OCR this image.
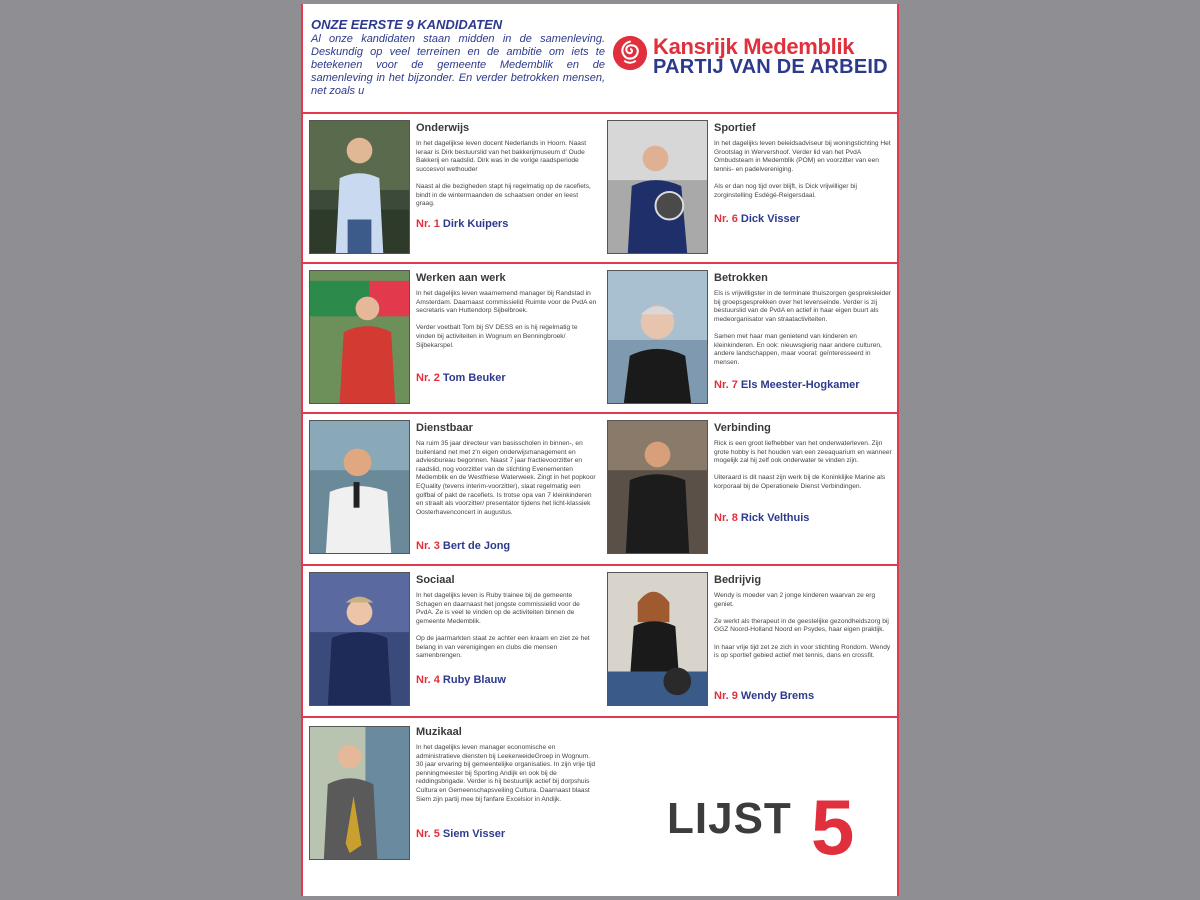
ONZE EERSTE 9 KANDIDATEN

Al onze kandidaten staan midden in de samenleving. Deskundig op veel terreinen en de ambitie om iets te betekenen voor de gemeente Medemblik en de samenleving in het bijzonder. En verder betrokken mensen, net zoals u

Kansrijk Medemblik
PARTIJ VAN DE ARBEID

Onderwijs

In het dagelijkse leven docent Nederlands in Hoorn. Naast leraar is Dirk bestuurslid van het bakkerijmuseum d' Oude Bakkerij en raadslid. Dirk was in de vorige raadsperiode succesvol wethouder

Naast al die bezigheden stapt hij regelmatig op de racefiets, bindt in de wintermaanden de schaatsen onder en leest graag.

Nr. 1 Dirk Kuipers

Sportief

In het dagelijks leven beleidsadviseur bij woningstichting Het Grootslag in Wervershoof. Verder lid van het PvdA Ombudsteam in Medemblik (POM) en voorzitter van een tennis- en padelvereniging.

Als er dan nog tijd over blijft, is Dick vrijwilliger bij zorginstelling Esdégé-Reigersdaal.

Nr. 6 Dick Visser

Werken aan werk

In het dagelijks leven waarnemend manager bij Randstad in Amsterdam. Daarnaast commissielid Ruimte voor de PvdA en secretaris van Huttendorp Sijbelbroek.

Verder voetbalt Tom bij SV DESS en is hij regelmatig te vinden bij activiteiten in Wognum en Benningbroek/ Sijbekarspel.

Nr. 2 Tom Beuker

Betrokken

Els is vrijwilligster in de terminale thuiszorgen gespreksleider bij groepsgesprekken over het levenseinde. Verder is zij bestuurslid van de PvdA en actief in haar eigen buurt als medeorganisator van straatactiviteiten.

Samen met haar man genietend van kinderen en kleinkinderen. En ook: nieuwsgierig naar andere culturen, andere landschappen, maar vooral: geïnteresseerd in mensen.

Nr. 7 Els Meester-Hogkamer

Dienstbaar

Na ruim 35 jaar directeur van basisscholen in binnen-, en buitenland net met z'n eigen onderwijsmanagement en adviesbureau begonnen. Naast 7 jaar fractievoorzitter en raadslid, nog voorzitter van de stichting Evenementen Medemblik en de Westfriese Waterweek. Zingt in het popkoor EQuality (tevens interim-voorzitter), slaat regelmatig een golfbal of pakt de racefiets. Is trotse opa van 7 kleinkinderen en straalt als voorzitter/ presentator tijdens het licht-klassiek Oosterhavenconcert in augustus.

Nr. 3 Bert de Jong

Verbinding

Rick is een groot liefhebber van het onderwaterleven. Zijn grote hobby is het houden van een zeeaquarium en wanneer mogelijk zal hij zelf ook onderwater te vinden zijn.

Uiteraard is dit naast zijn werk bij de Koninklijke Marine als korporaal bij de Operationele Dienst Verbindingen.

Nr. 8 Rick Velthuis

Sociaal

In het dagelijks leven is Ruby trainee bij de gemeente Schagen en daarnaast het jongste commissielid voor de PvdA. Ze is veel te vinden op de activiteiten binnen de gemeente Medemblik.

Op de jaarmarkten staat ze achter een kraam en ziet ze het belang in van verenigingen en clubs die mensen samenbrengen.

Nr. 4 Ruby Blauw

Bedrijvig

Wendy is moeder van 2 jonge kinderen waarvan ze erg geniet.

Ze werkt als therapeut in de geestelijke gezondheidszorg bij GGZ Noord-Holland Noord en Psydes, haar eigen praktijk.

In haar vrije tijd zet ze zich in voor stichting Rondom. Wendy is op sportief gebied actief met tennis, dans en crossfit.

Nr. 9 Wendy Brems

Muzikaal

In het dagelijks leven manager economische en administratieve diensten bij LeekerweideGroep in Wognum. 30 jaar ervaring bij gemeentelijke organisaties. In zijn vrije tijd penningmeester bij Sporting Andijk en ook bij de reddingsbrigade. Verder is hij bestuurlijk actief bij dorpshuis Cultura en Gemeenschapsveiling Cultura. Daarnaast blaast Siem zijn partij mee bij fanfare Excelsior in Andijk.

Nr. 5 Siem Visser	LIJST 5
